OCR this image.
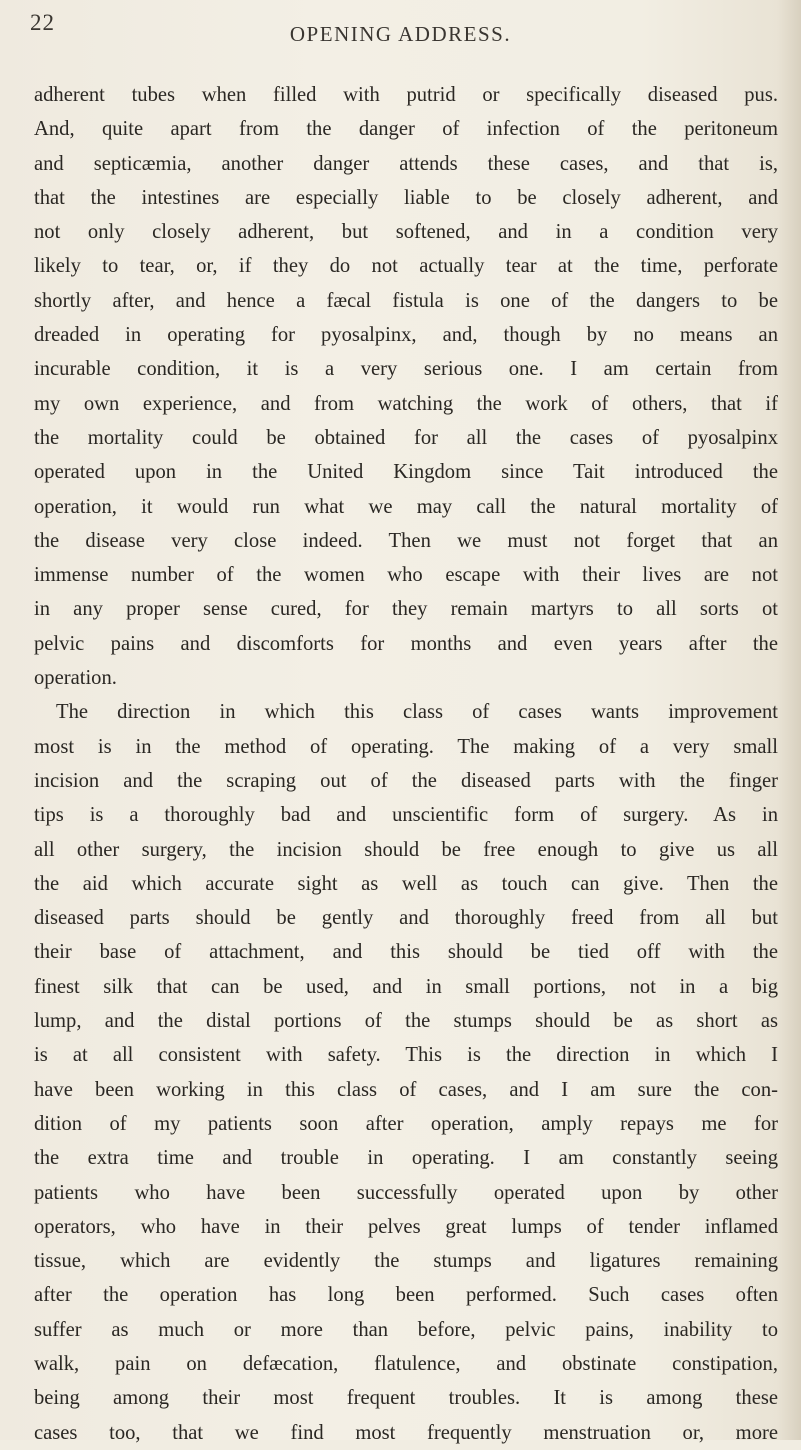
22	OPENING ADDRESS.
adherent tubes when filled with putrid or specifically diseased pus.
And, quite apart from the danger of infection of the peritoneum
and septicæmia, another danger attends these cases, and that is,
that the intestines are especially liable to be closely adherent, and
not only closely adherent, but softened, and in a condition very
likely to tear, or, if they do not actually tear at the time, perforate
shortly after, and hence a fæcal fistula is one of the dangers to be
dreaded in operating for pyosalpinx, and, though by no means an
incurable condition, it is a very serious one. I am certain from
my own experience, and from watching the work of others, that if
the mortality could be obtained for all the cases of pyosalpinx
operated upon in the United Kingdom since Tait introduced the
operation, it would run what we may call the natural mortality of
the disease very close indeed. Then we must not forget that an
immense number of the women who escape with their lives are not
in any proper sense cured, for they remain martyrs to all sorts ot
pelvic pains and discomforts for months and even years after the
operation.
The direction in which this class of cases wants improvement
most is in the method of operating. The making of a very small
incision and the scraping out of the diseased parts with the finger
tips is a thoroughly bad and unscientific form of surgery. As in
all other surgery, the incision should be free enough to give us all
the aid which accurate sight as well as touch can give. Then the
diseased parts should be gently and thoroughly freed from all but
their base of attachment, and this should be tied off with the
finest silk that can be used, and in small portions, not in a big
lump, and the distal portions of the stumps should be as short as
is at all consistent with safety. This is the direction in which I
have been working in this class of cases, and I am sure the con-
dition of my patients soon after operation, amply repays me for
the extra time and trouble in operating. I am constantly seeing
patients who have been successfully operated upon by other
operators, who have in their pelves great lumps of tender inflamed
tissue, which are evidently the stumps and ligatures remaining
after the operation has long been performed. Such cases often
suffer as much or more than before, pelvic pains, inability to
walk, pain on defæcation, flatulence, and obstinate constipation,
being among their most frequent troubles. It is among these
cases too, that we find most frequently menstruation or, more
